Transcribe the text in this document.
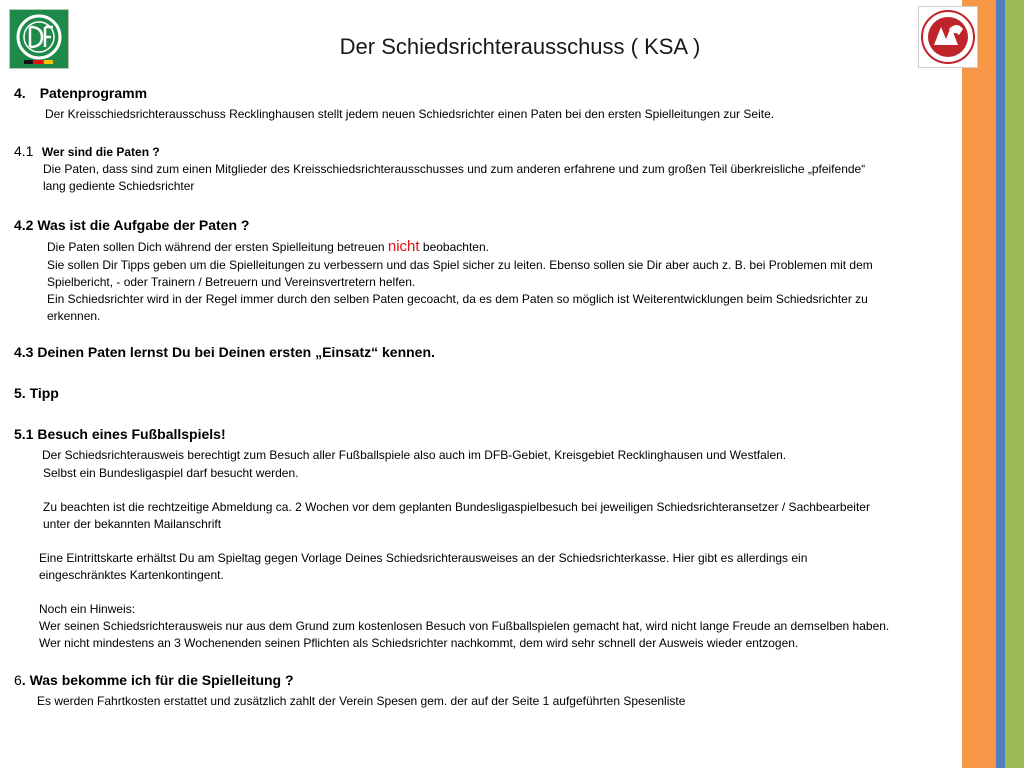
Der Schiedsrichterausschuss ( KSA )
4. Patenprogramm
Der Kreisschiedsrichterausschuss Recklinghausen stellt jedem neuen Schiedsrichter einen Paten bei den ersten Spielleitungen zur Seite.
4.1 Wer sind die Paten ?
Die Paten, dass sind zum einen Mitglieder des Kreisschiedsrichterausschusses und zum anderen erfahrene und zum großen Teil überkreisliche „pfeifende“
lang gediente Schiedsrichter
4.2 Was ist die Aufgabe der Paten ?
Die Paten sollen Dich während der ersten Spielleitung betreuen nicht beobachten.
Sie sollen Dir Tipps geben um die Spielleitungen zu verbessern und das Spiel sicher zu leiten. Ebenso sollen sie Dir aber auch z. B. bei Problemen mit dem
Spielbericht, - oder Trainern / Betreuern und Vereinsvertretern helfen.
Ein Schiedsrichter wird in der Regel immer durch den selben Paten gecoacht, da es dem Paten so möglich ist Weiterentwicklungen beim Schiedsrichter zu
erkennen.
4.3 Deinen Paten lernst Du bei Deinen ersten „Einsatz“ kennen.
5. Tipp
5.1 Besuch eines Fußballspiels!
Der Schiedsrichterausweis berechtigt zum Besuch aller Fußballspiele also auch im DFB-Gebiet, Kreisgebiet Recklinghausen und Westfalen.
Selbst ein Bundesligaspiel darf besucht werden.
Zu beachten ist die rechtzeitige Abmeldung ca. 2 Wochen vor dem geplanten Bundesligaspielbesuch bei jeweiligen Schiedsrichteransetzer / Sachbearbeiter
unter der bekannten Mailanschrift
Eine Eintrittskarte erhältst Du am Spieltag gegen Vorlage Deines Schiedsrichterausweises an der Schiedsrichterkasse. Hier gibt es allerdings ein
eingeschränktes Kartenkontingent.
Noch ein Hinweis:
Wer seinen Schiedsrichterausweis nur aus dem Grund zum kostenlosen Besuch von Fußballspielen gemacht hat, wird nicht lange Freude an demselben haben.
Wer nicht mindestens an 3 Wochenenden seinen Pflichten als Schiedsrichter nachkommt, dem wird sehr schnell der Ausweis wieder entzogen.
6. Was bekomme ich für die Spielleitung ?
Es werden Fahrtkosten erstattet und zusätzlich zahlt der Verein Spesen gem. der auf der Seite 1 aufgeführten Spesenliste
